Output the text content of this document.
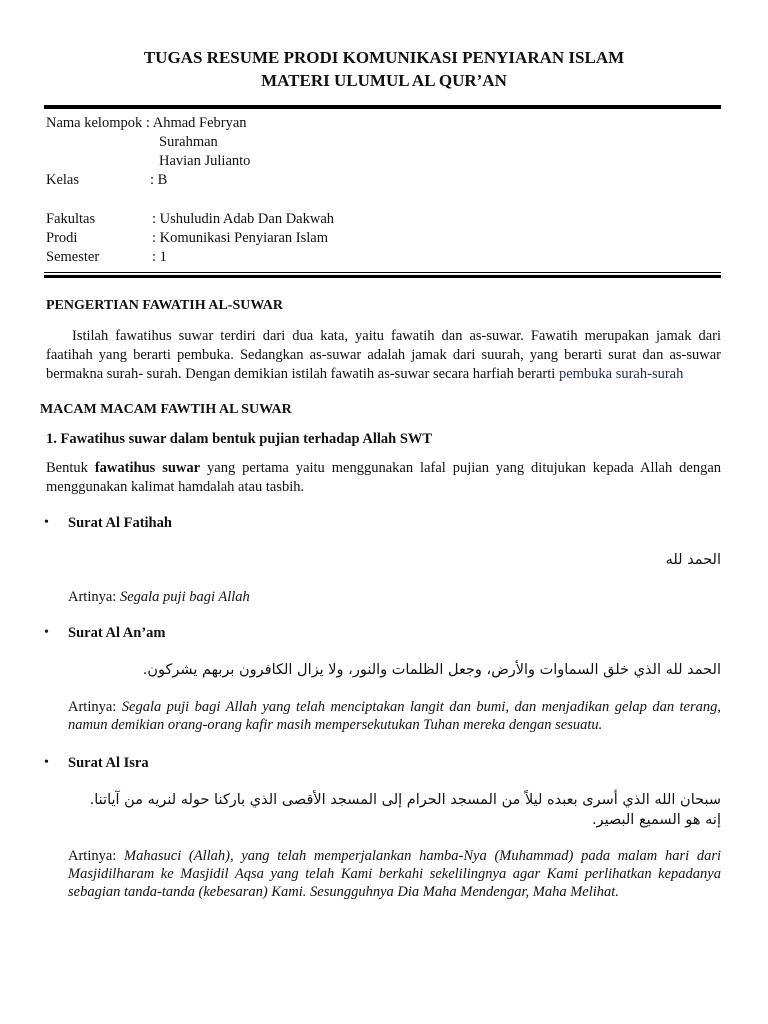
TUGAS RESUME PRODI KOMUNIKASI PENYIARAN ISLAM
MATERI ULUMUL AL QUR’AN
Nama kelompok : Ahmad Febryan
Surahman
Havian Julianto
Kelas	: B
Fakultas	: Ushuludin Adab Dan Dakwah
Prodi	: Komunikasi Penyiaran Islam
Semester	: 1
PENGERTIAN FAWATIH AL-SUWAR
Istilah fawatihus suwar terdiri dari dua kata, yaitu fawatih dan as-suwar. Fawatih merupakan jamak dari faatihah yang berarti pembuka. Sedangkan as-suwar adalah jamak dari suurah, yang berarti surat dan as-suwar bermakna surah- surah. Dengan demikian istilah fawatih as-suwar secara harfiah berarti pembuka surah-surah
MACAM MACAM FAWTIH AL SUWAR
1. Fawatihus suwar dalam bentuk pujian terhadap Allah SWT
Bentuk fawatihus suwar yang pertama yaitu menggunakan lafal pujian yang ditujukan kepada Allah dengan menggunakan kalimat hamdalah atau tasbih.
• Surat Al Fatihah
الحمد لله
Artinya: Segala puji bagi Allah
• Surat Al An’am
الحمد لله الذي خلق السماوات والأرض، وجعل الظلمات والنور، ولا يزال الكافرون بربهم يشركون.
Artinya: Segala puji bagi Allah yang telah menciptakan langit dan bumi, dan menjadikan gelap dan terang, namun demikian orang-orang kafir masih mempersekutukan Tuhan mereka dengan sesuatu.
• Surat Al Isra
سبحان الله الذي أسرى بعبده ليلاً من المسجد الحرام إلى المسجد الأقصى الذي باركنا حوله لنريه من آياتنا. إنه هو السميع البصير.
Artinya: Mahasuci (Allah), yang telah memperjalankan hamba-Nya (Muhammad) pada malam hari dari Masjidilharam ke Masjidil Aqsa yang telah Kami berkahi sekelilingnya agar Kami perlihatkan kepadanya sebagian tanda-tanda (kebesaran) Kami. Sesungguhnya Dia Maha Mendengar, Maha Melihat.
